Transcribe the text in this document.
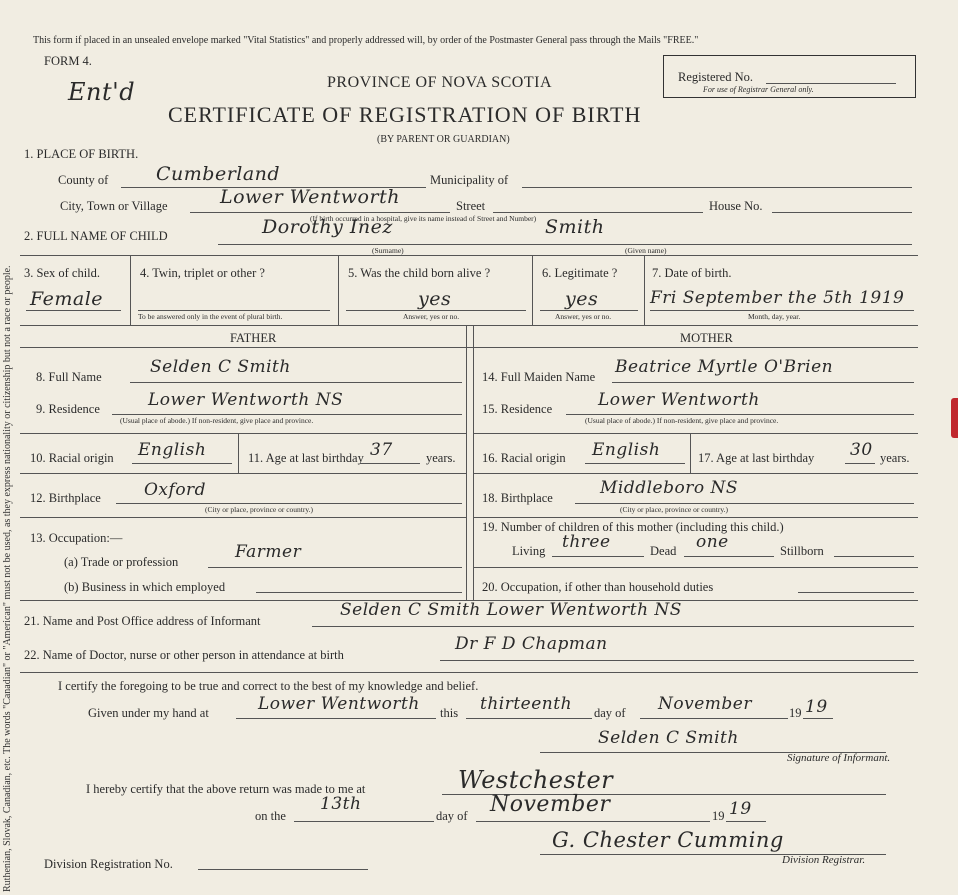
Ruthenian, Slovak, Canadian, etc. The words "Canadian" or "American" must not be used, as they express nationality or citizenship but not a race or people.
This form if placed in an unsealed envelope marked "Vital Statistics" and properly addressed will, by order of the Postmaster General pass through the Mails "FREE."
FORM 4.
Ent'd	PROVINCE OF NOVA SCOTIA
CERTIFICATE OF REGISTRATION OF BIRTH
(BY PARENT OR GUARDIAN)
Registered No.
For use of Registrar General only.
1. PLACE OF BIRTH.
County of	Cumberland	Municipality of
City, Town or Village	Lower Wentworth	Street	House No.
(If birth occurred in a hospital, give its name instead of Street and Number)
2. FULL NAME OF CHILD	Dorothy Inez	Smith
(Surname)	(Given name)
3. Sex of child.
Female
4. Twin, triplet or other ?
To be answered only in the event of plural birth.
5. Was the child born alive ?
yes
Answer, yes or no.
6. Legitimate ?
yes
Answer, yes or no.
7. Date of birth.
Fri September the 5th 1919
Month, day, year.
FATHER	MOTHER
8. Full Name	Selden C Smith
9. Residence	Lower Wentworth NS
(Usual place of abode.) If non-resident, give place and province.
10. Racial origin English	11. Age at last birthday 37	years.
12. Birthplace	Oxford
(City or place, province or country.)
13. Occupation:—
(a) Trade or profession	Farmer
(b) Business in which employed
14. Full Maiden Name Beatrice Myrtle O'Brien
15. Residence	Lower Wentworth
(Usual place of abode.) If non-resident, give place and province.
16. Racial origin English	17. Age at last birthday 30 years.
18. Birthplace	Middleboro NS
(City or place, province or country.)
19. Number of children of this mother (including this child.)
Living three	Dead one	Stillborn
20. Occupation, if other than household duties
21. Name and Post Office address of Informant
Selden C Smith Lower Wentworth NS
22. Name of Doctor, nurse or other person in attendance at birth
Dr F D Chapman
I certify the foregoing to be true and correct to the best of my knowledge and belief.
Given under my hand at	Lower Wentworth this thirteenth day of November	19 19
Selden C Smith
Signature of Informant.
I hereby certify that the above return was made to me at	Westchester
on the
13th
day of November	19 19
G. Chester Cumming
Division Registrar.
Division Registration No.
